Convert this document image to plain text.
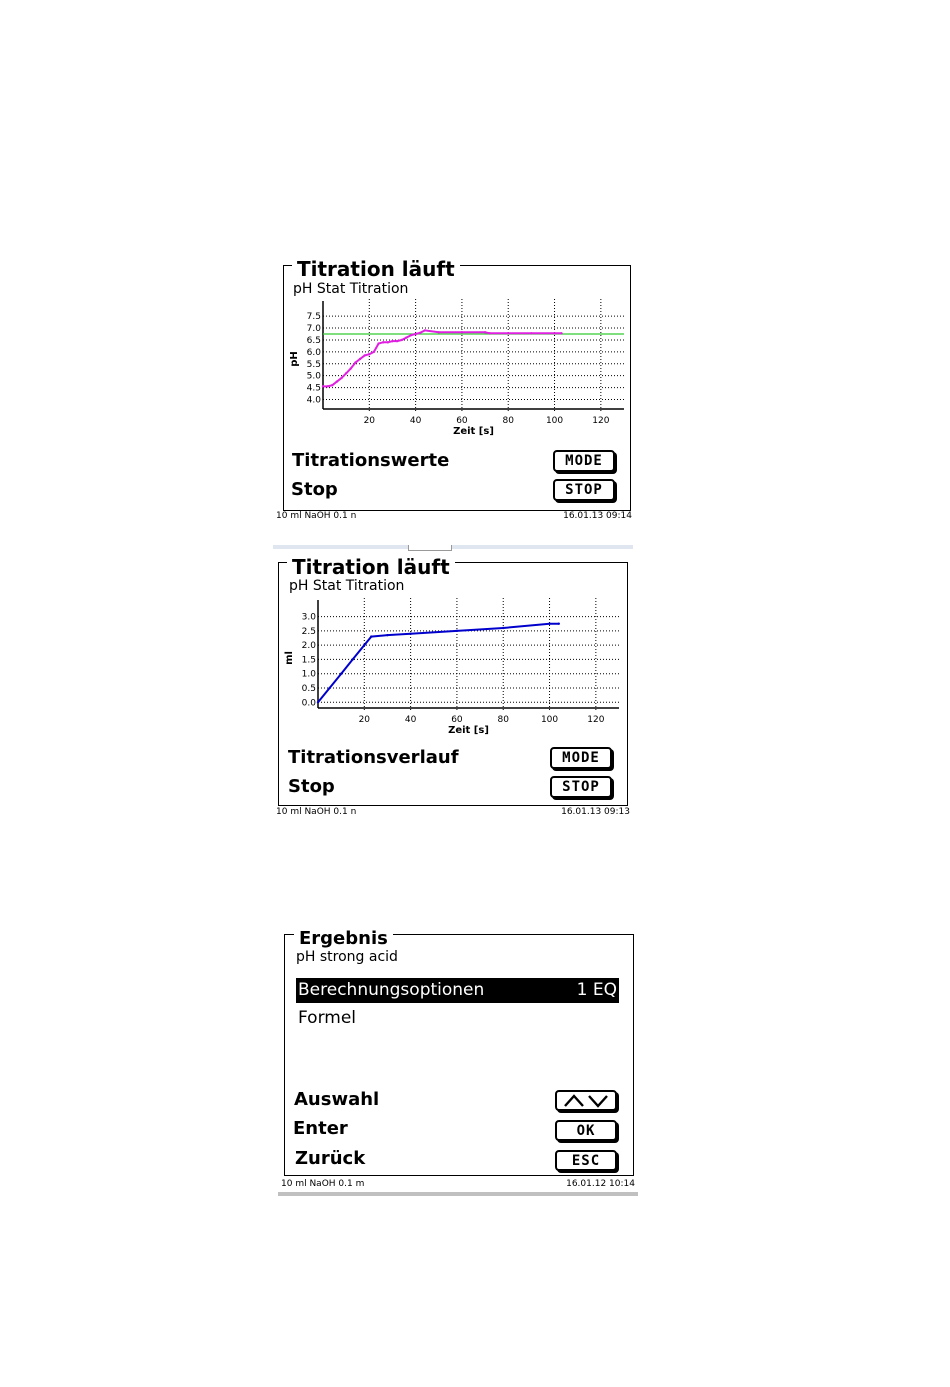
Titration läuft
pH Stat Titration
4.0
4.5
5.0
5.5
6.0
6.5
7.0
7.5
20	40	60	80	100	120
Zeit [s]
pH
Titrationswerte	MODE
Stop	STOP
10 ml NaOH 0.1 n	16.01.13 09:14
Titration läuft
pH Stat Titration
0.0
0.5
1.0
1.5
2.0
2.5
3.0
20	40	60	80	100	120
Zeit [s]
ml
Titrationsverlauf	MODE
Stop	STOP
10 ml NaOH 0.1 n	16.01.13 09:13
Ergebnis
pH strong acid
Berechnungsoptionen	1 EQ
Formel
Auswahl
Enter	OK
Zurück	ESC
10 ml NaOH 0.1 m	16.01.12 10:14
